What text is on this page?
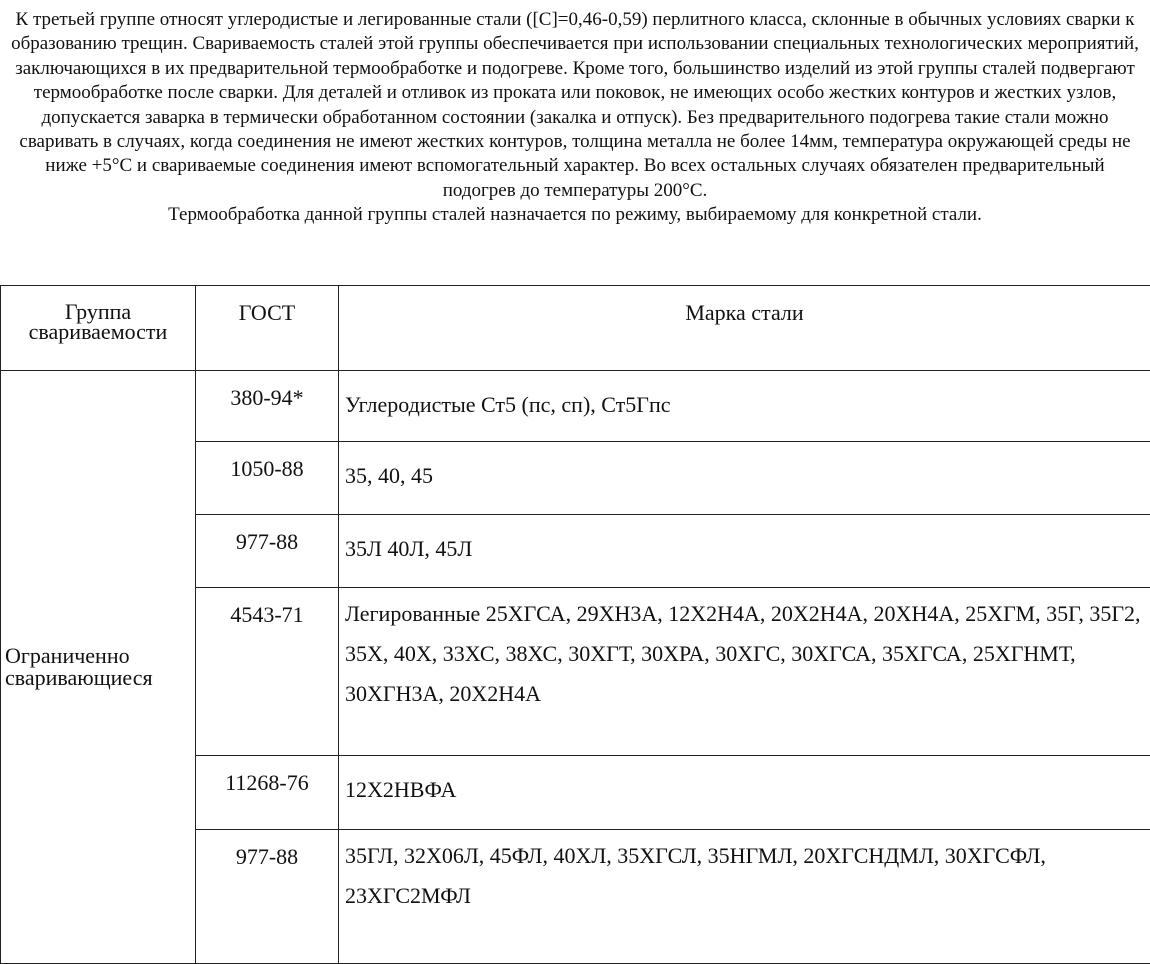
К третьей группе относят углеродистые и легированные стали ([C]=0,46-0,59) перлитного класса, склонные в обычных условиях сварки к образованию трещин. Свариваемость сталей этой группы обеспечивается при использовании специальных технологических мероприятий, заключающихся в их предварительной термообработке и подогреве. Кроме того, большинство изделий из этой группы сталей подвергают термообработке после сварки. Для деталей и отливок из проката или поковок, не имеющих особо жестких контуров и жестких узлов, допускается заварка в термически обработанном состоянии (закалка и отпуск). Без предварительного подогрева такие стали можно сваривать в случаях, когда соединения не имеют жестких контуров, толщина металла не более 14мм, температура окружающей среды не ниже +5°C и свариваемые соединения имеют вспомогательный характер. Во всех остальных случаях обязателен предварительный подогрев до температуры 200°C.

Термообработка данной группы сталей назначается по режиму, выбираемому для конкретной стали.

Группа свариваемости	ГОСТ	Марка стали
Ограниченно сваривающиеся	380-94*	Углеродистые Ст5 (пс, сп), Ст5Гпс
	1050-88	35, 40, 45
	977-88	35Л 40Л, 45Л
	4543-71	Легированные 25ХГСА, 29ХН3А, 12Х2Н4А, 20Х2Н4А, 20ХН4А, 25ХГМ, 35Г, 35Г2, 35Х, 40Х, 33ХС, 38ХС, 30ХГТ, 30ХРА, 30ХГС, 30ХГСА, 35ХГСА, 25ХГНМТ, 30ХГН3А, 20Х2Н4А
	11268-76	12Х2НВФА
	977-88	35ГЛ, 32Х06Л, 45ФЛ, 40ХЛ, 35ХГСЛ, 35НГМЛ, 20ХГСНДМЛ, 30ХГСФЛ, 23ХГС2МФЛ
